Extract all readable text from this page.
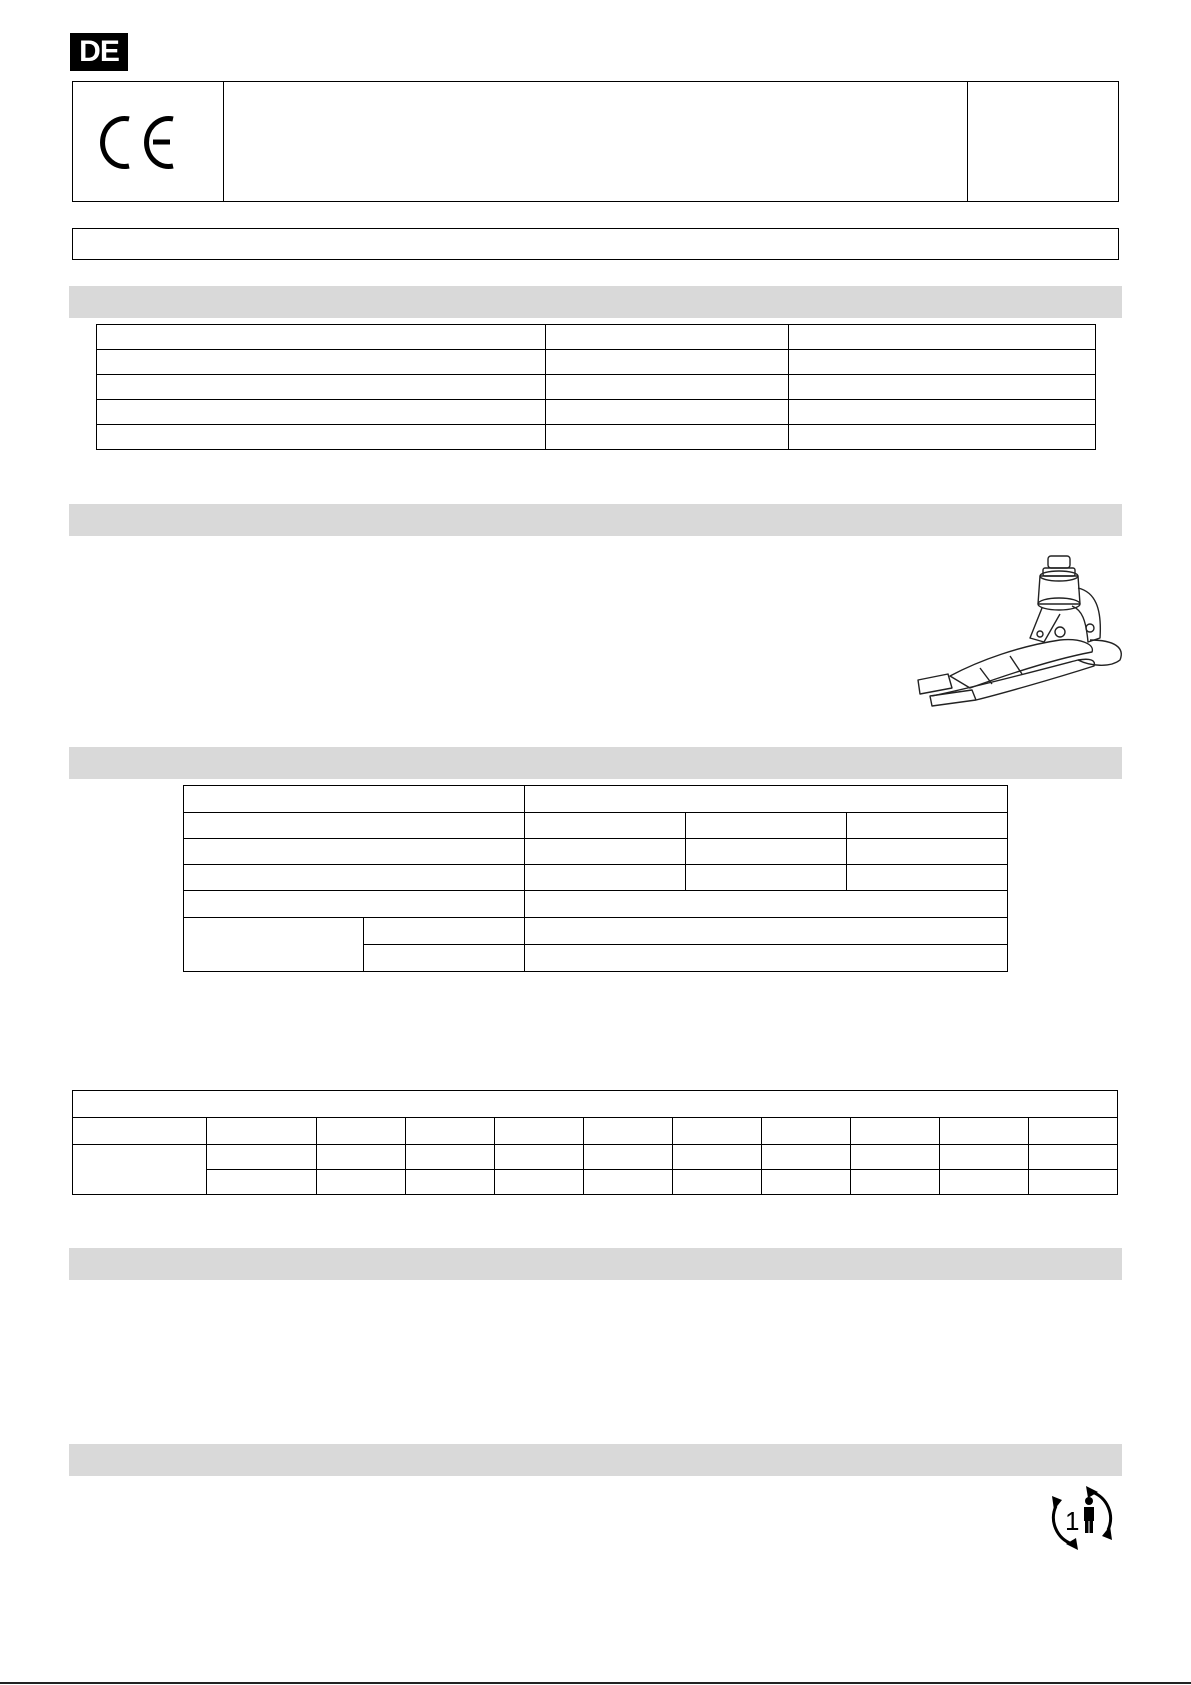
DE

1
